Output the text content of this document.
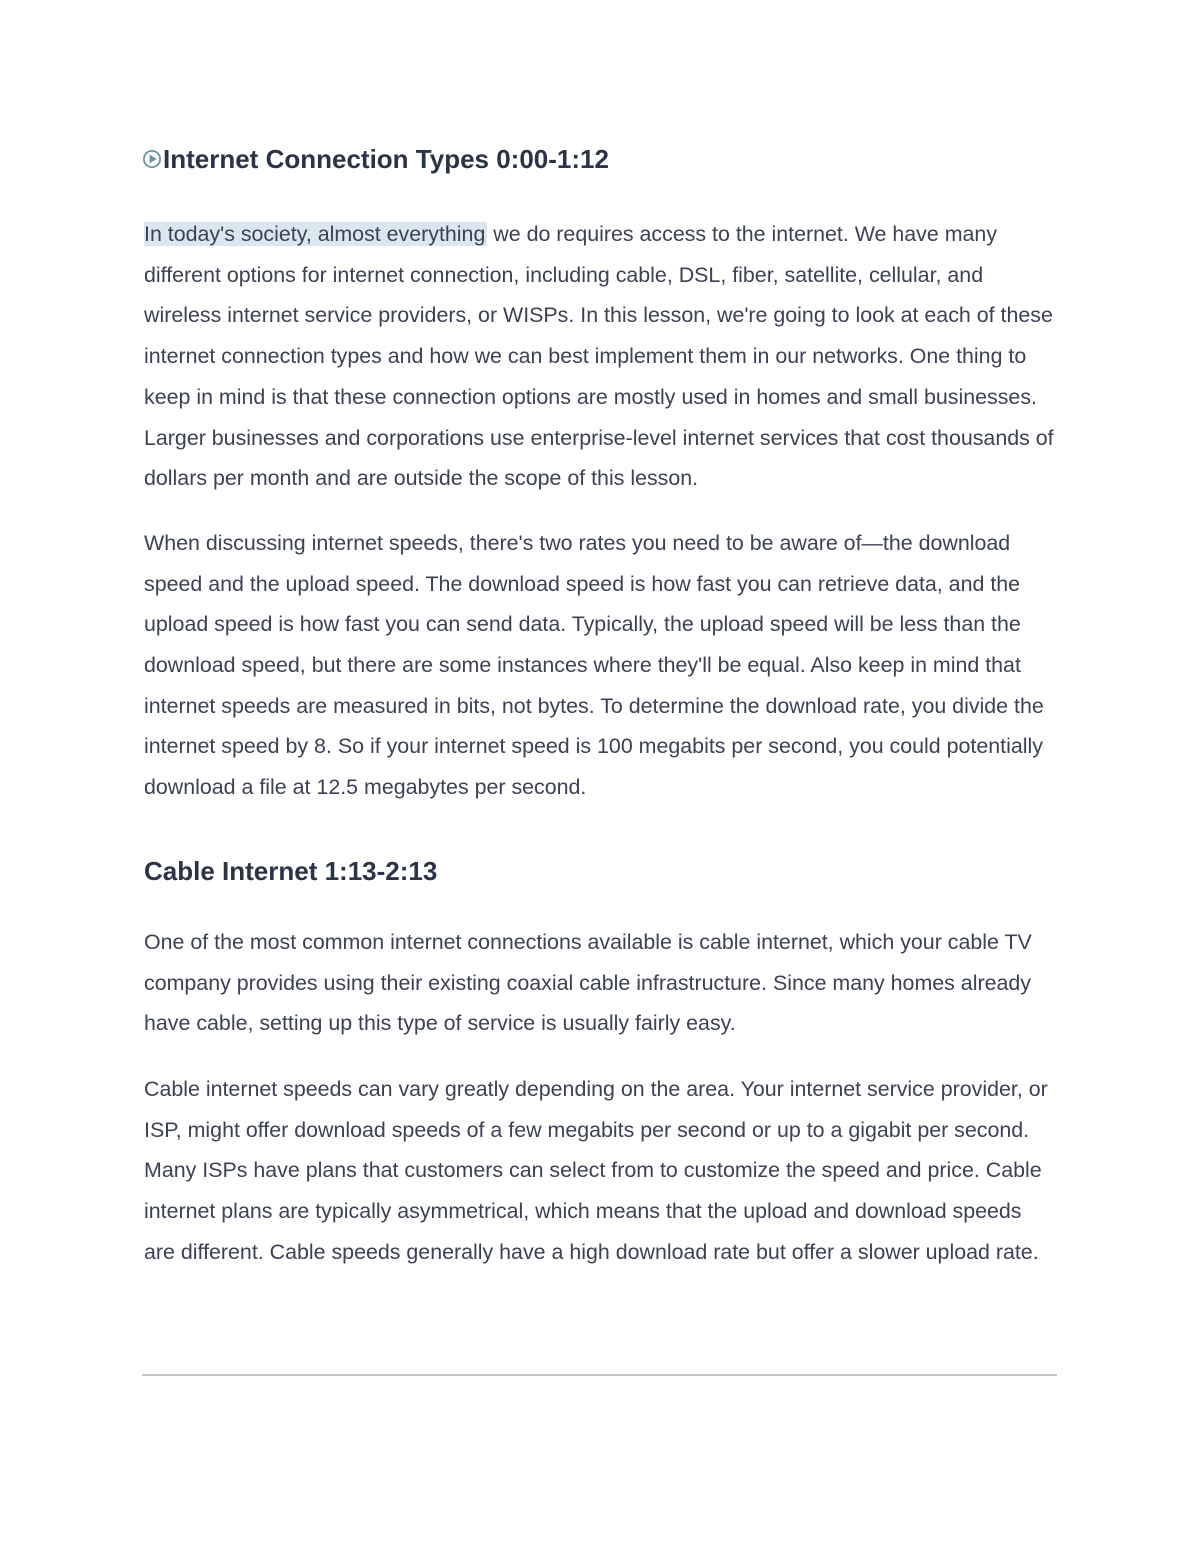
Internet Connection Types 0:00-1:12

In today's society, almost everything we do requires access to the internet. We have many different options for internet connection, including cable, DSL, fiber, satellite, cellular, and wireless internet service providers, or WISPs. In this lesson, we're going to look at each of these internet connection types and how we can best implement them in our networks. One thing to keep in mind is that these connection options are mostly used in homes and small businesses. Larger businesses and corporations use enterprise-level internet services that cost thousands of dollars per month and are outside the scope of this lesson.

When discussing internet speeds, there's two rates you need to be aware of—the download speed and the upload speed. The download speed is how fast you can retrieve data, and the upload speed is how fast you can send data. Typically, the upload speed will be less than the download speed, but there are some instances where they'll be equal. Also keep in mind that internet speeds are measured in bits, not bytes. To determine the download rate, you divide the internet speed by 8. So if your internet speed is 100 megabits per second, you could potentially download a file at 12.5 megabytes per second.

Cable Internet 1:13-2:13

One of the most common internet connections available is cable internet, which your cable TV company provides using their existing coaxial cable infrastructure. Since many homes already have cable, setting up this type of service is usually fairly easy.

Cable internet speeds can vary greatly depending on the area. Your internet service provider, or ISP, might offer download speeds of a few megabits per second or up to a gigabit per second. Many ISPs have plans that customers can select from to customize the speed and price. Cable internet plans are typically asymmetrical, which means that the upload and download speeds are different. Cable speeds generally have a high download rate but offer a slower upload rate.
